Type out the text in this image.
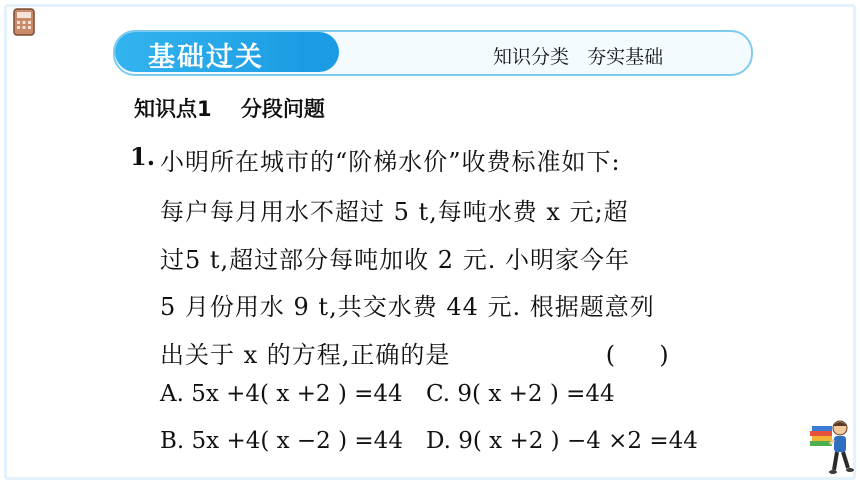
基础过关	知识分类   夯实基础
知识点1    分段问题
1. 小明所在城市的“阶梯水价”收费标准如下:
每户每月用水不超过 5 t,每吨水费 x 元;超
过5 t,超过部分每吨加收 2 元. 小明家今年
5 月份用水 9 t,共交水费 44 元. 根据题意列
出关于 x 的方程,正确的是                  (     )
A. 5x +4( x +2 ) =44 C. 9( x +2 ) =44
B. 5x +4( x −2 ) =44 D. 9( x +2 ) −4 ×2 =44
